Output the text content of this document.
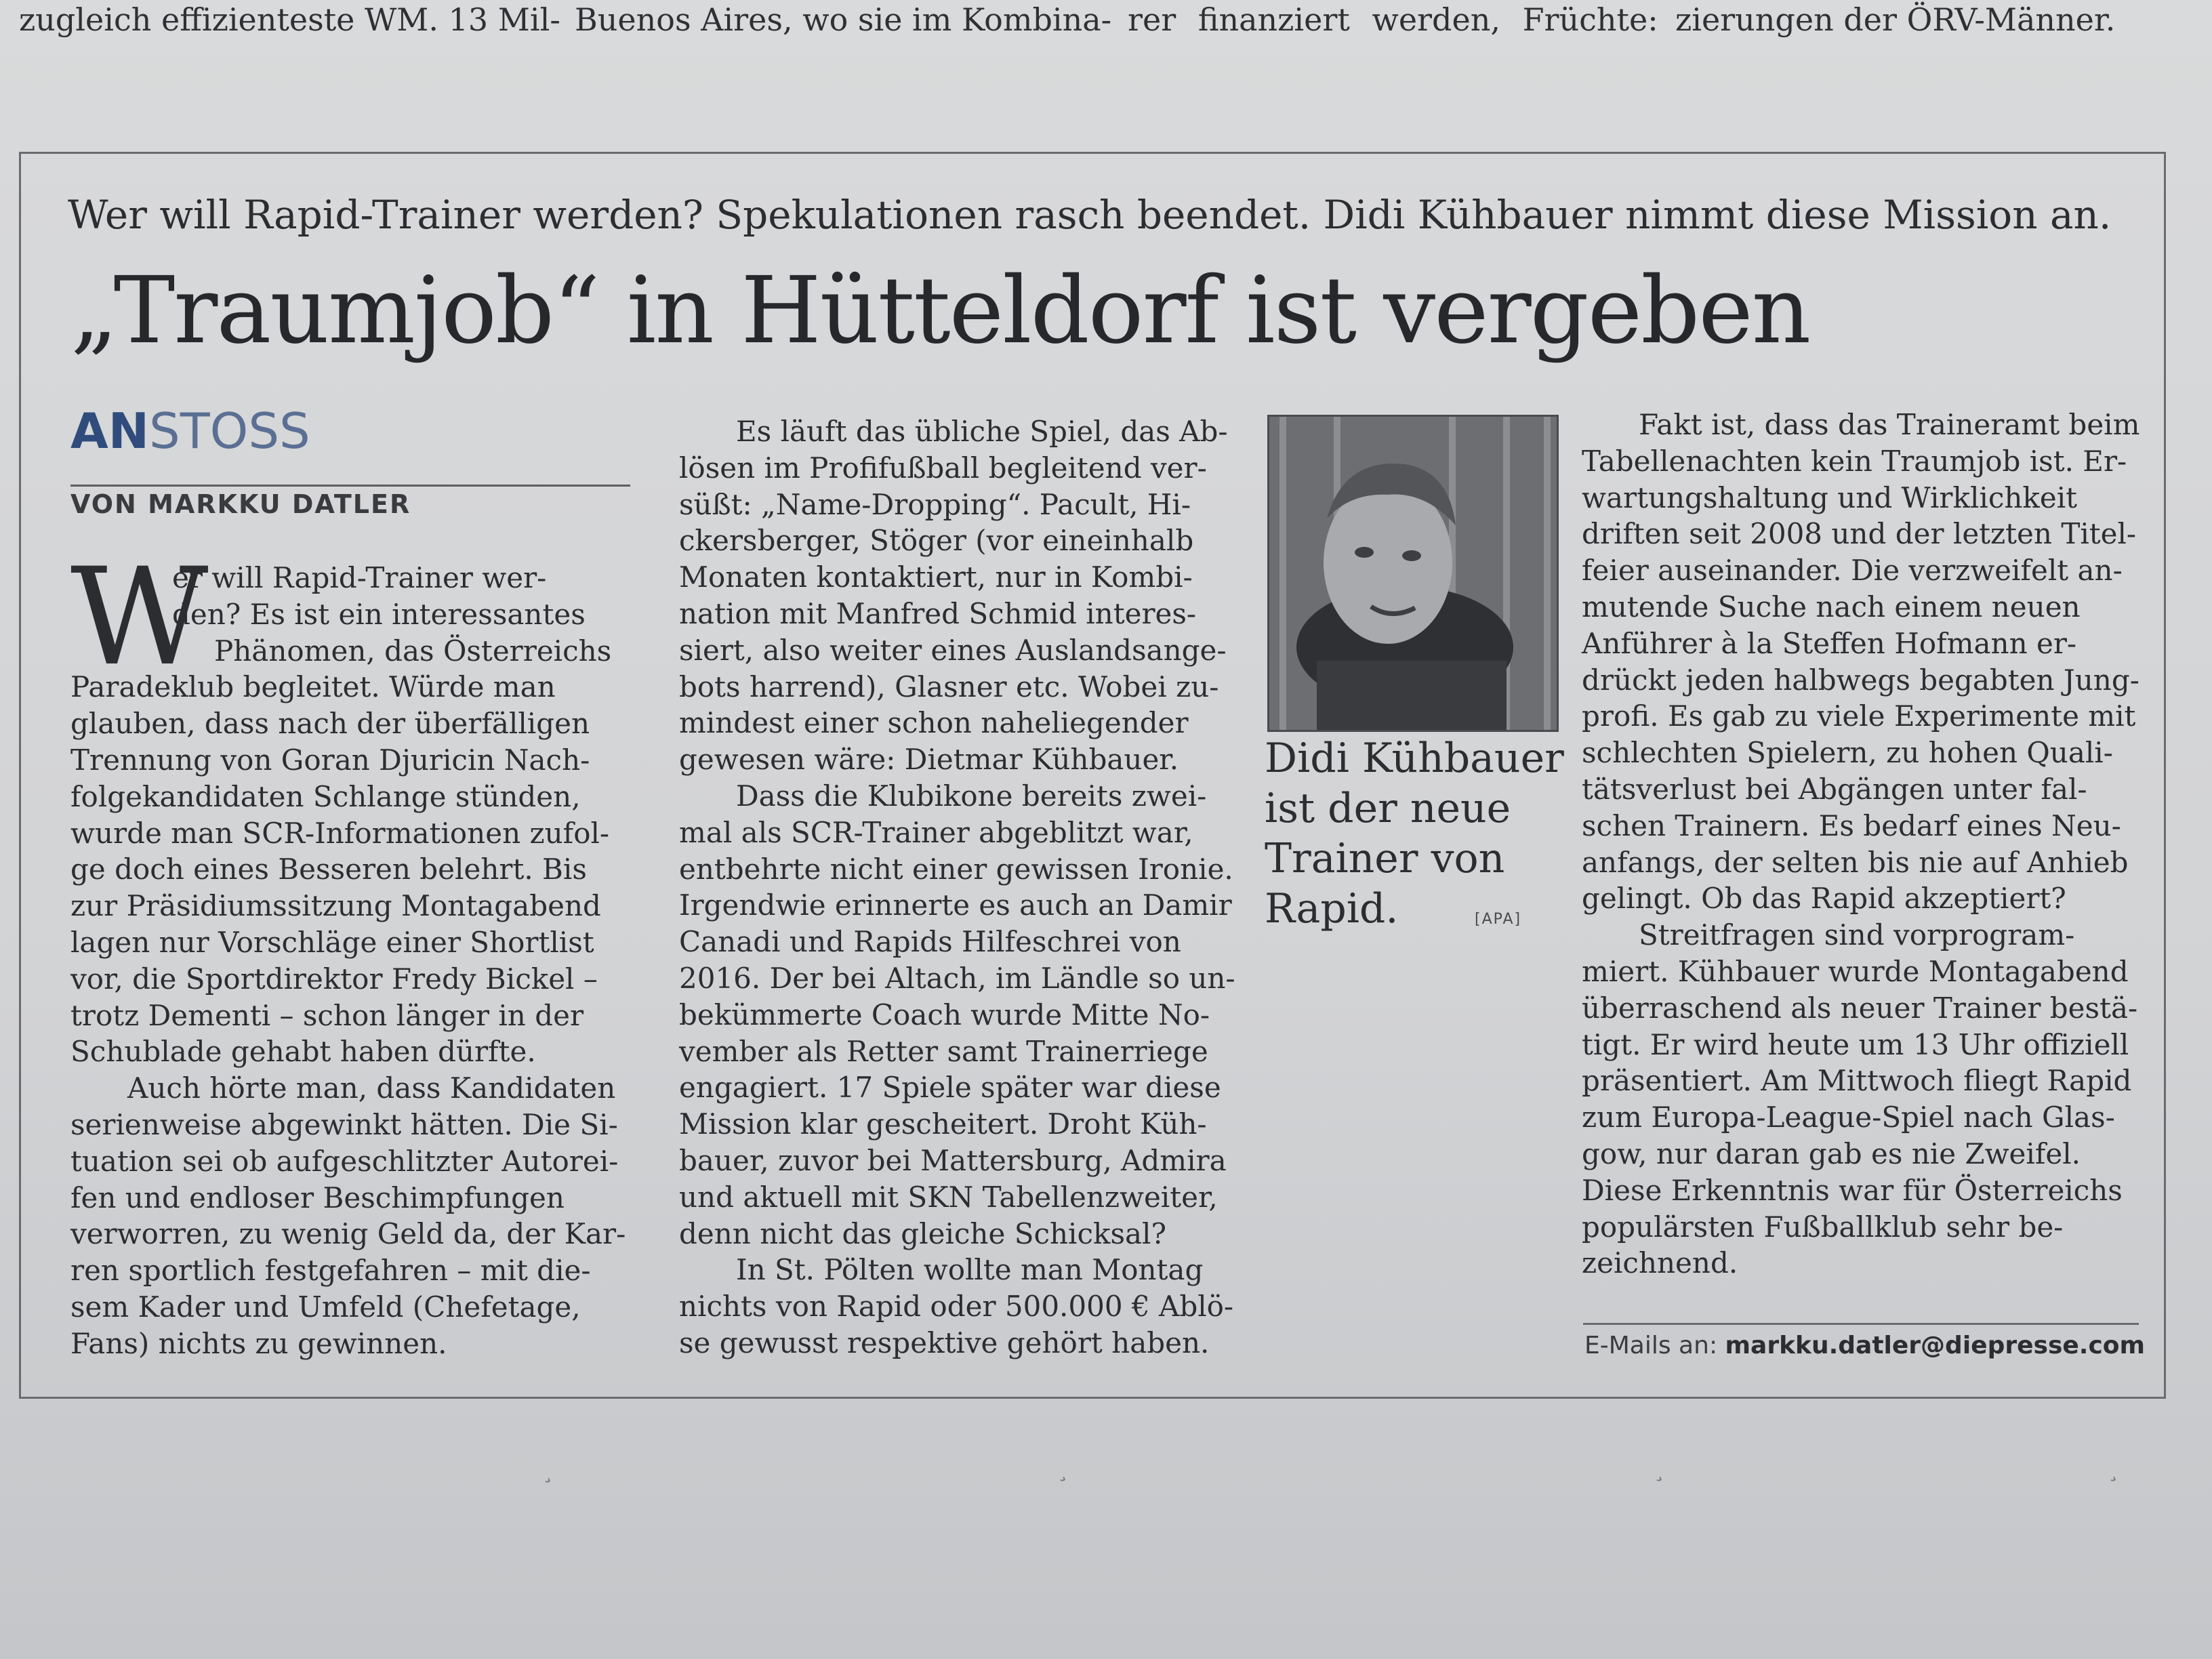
zugleich effizienteste WM. 13 Mil- Buenos Aires, wo sie im Kombina- rer finanziert werden, Früchte: zierungen der ÖRV-Männer.
Wer will Rapid-Trainer werden? Spekulationen rasch beendet. Didi Kühbauer nimmt diese Mission an.
„Traumjob“ in Hütteldorf ist vergeben
ANSTOSS
VON MARKKU DATLER
W
er will Rapid-Trainer wer-
den? Es ist ein interessantes
Phänomen, das Österreichs
Paradeklub begleitet. Würde man
glauben, dass nach der überfälligen
Trennung von Goran Djuricin Nach-
folgekandidaten Schlange stünden,
wurde man SCR-Informationen zufol-
ge doch eines Besseren belehrt. Bis
zur Präsidiumssitzung Montagabend
lagen nur Vorschläge einer Shortlist
vor, die Sportdirektor Fredy Bickel –
trotz Dementi – schon länger in der
Schublade gehabt haben dürfte.
Auch hörte man, dass Kandidaten
serienweise abgewinkt hätten. Die Si-
tuation sei ob aufgeschlitzter Autorei-
fen und endloser Beschimpfungen
verworren, zu wenig Geld da, der Kar-
ren sportlich festgefahren – mit die-
sem Kader und Umfeld (Chefetage,
Fans) nichts zu gewinnen.
Es läuft das übliche Spiel, das Ab-
lösen im Profifußball begleitend ver-
süßt: „Name-Dropping“. Pacult, Hi-
ckersberger, Stöger (vor eineinhalb
Monaten kontaktiert, nur in Kombi-
nation mit Manfred Schmid interes-
siert, also weiter eines Auslandsange-
bots harrend), Glasner etc. Wobei zu-
mindest einer schon naheliegender
gewesen wäre: Dietmar Kühbauer.
Dass die Klubikone bereits zwei-
mal als SCR-Trainer abgeblitzt war,
entbehrte nicht einer gewissen Ironie.
Irgendwie erinnerte es auch an Damir
Canadi und Rapids Hilfeschrei von
2016. Der bei Altach, im Ländle so un-
bekümmerte Coach wurde Mitte No-
vember als Retter samt Trainerriege
engagiert. 17 Spiele später war diese
Mission klar gescheitert. Droht Küh-
bauer, zuvor bei Mattersburg, Admira
und aktuell mit SKN Tabellenzweiter,
denn nicht das gleiche Schicksal?
In St. Pölten wollte man Montag
nichts von Rapid oder 500.000 € Ablö-
se gewusst respektive gehört haben.
Didi Kühbauer
ist der neue
Trainer von
Rapid.	[APA]
Fakt ist, dass das Traineramt beim
Tabellenachten kein Traumjob ist. Er-
wartungshaltung und Wirklichkeit
driften seit 2008 und der letzten Titel-
feier auseinander. Die verzweifelt an-
mutende Suche nach einem neuen
Anführer à la Steffen Hofmann er-
drückt jeden halbwegs begabten Jung-
profi. Es gab zu viele Experimente mit
schlechten Spielern, zu hohen Quali-
tätsverlust bei Abgängen unter fal-
schen Trainern. Es bedarf eines Neu-
anfangs, der selten bis nie auf Anhieb
gelingt. Ob das Rapid akzeptiert?
Streitfragen sind vorprogram-
miert. Kühbauer wurde Montagabend
überraschend als neuer Trainer bestä-
tigt. Er wird heute um 13 Uhr offiziell
präsentiert. Am Mittwoch fliegt Rapid
zum Europa-League-Spiel nach Glas-
gow, nur daran gab es nie Zweifel.
Diese Erkenntnis war für Österreichs
populärsten Fußballklub sehr be-
zeichnend.
E-Mails an: markku.datler@diepresse.com
¸	¸	¸	¸
